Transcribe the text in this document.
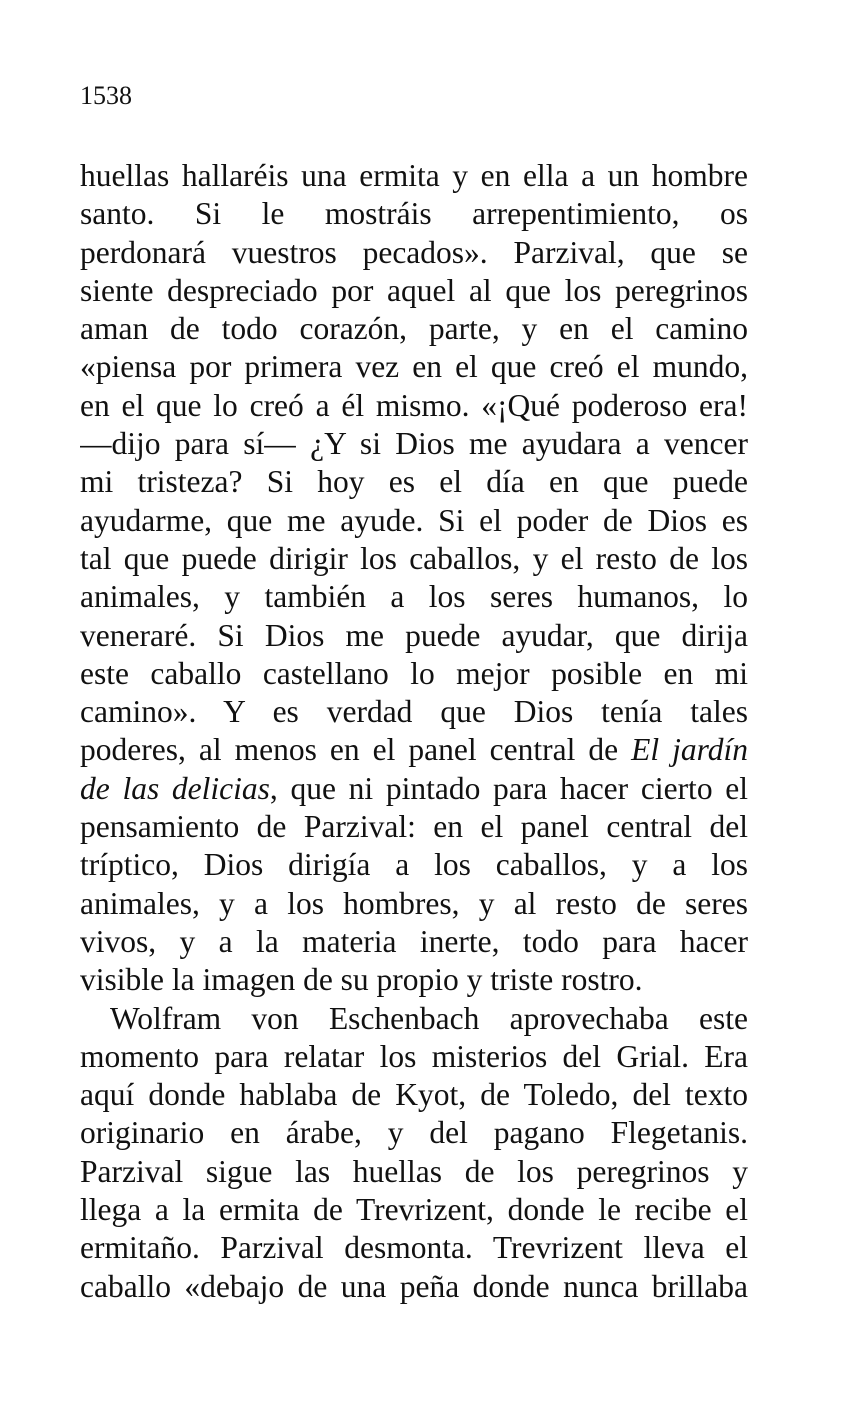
1538
huellas hallaréis una ermita y en ella a un hombre
santo. Si le mostráis arrepentimiento, os
perdonará vuestros pecados». Parzival, que se
siente despreciado por aquel al que los peregrinos
aman de todo corazón, parte, y en el camino
«piensa por primera vez en el que creó el mundo,
en el que lo creó a él mismo. «¡Qué poderoso era!
—dijo para sí— ¿Y si Dios me ayudara a vencer
mi tristeza? Si hoy es el día en que puede
ayudarme, que me ayude. Si el poder de Dios es
tal que puede dirigir los caballos, y el resto de los
animales, y también a los seres humanos, lo
veneraré. Si Dios me puede ayudar, que dirija
este caballo castellano lo mejor posible en mi
camino». Y es verdad que Dios tenía tales
poderes, al menos en el panel central de El jardín
de las delicias, que ni pintado para hacer cierto el
pensamiento de Parzival: en el panel central del
tríptico, Dios dirigía a los caballos, y a los
animales, y a los hombres, y al resto de seres
vivos, y a la materia inerte, todo para hacer
visible la imagen de su propio y triste rostro.
Wolfram von Eschenbach aprovechaba este
momento para relatar los misterios del Grial. Era
aquí donde hablaba de Kyot, de Toledo, del texto
originario en árabe, y del pagano Flegetanis.
Parzival sigue las huellas de los peregrinos y
llega a la ermita de Trevrizent, donde le recibe el
ermitaño. Parzival desmonta. Trevrizent lleva el
caballo «debajo de una peña donde nunca brillaba
